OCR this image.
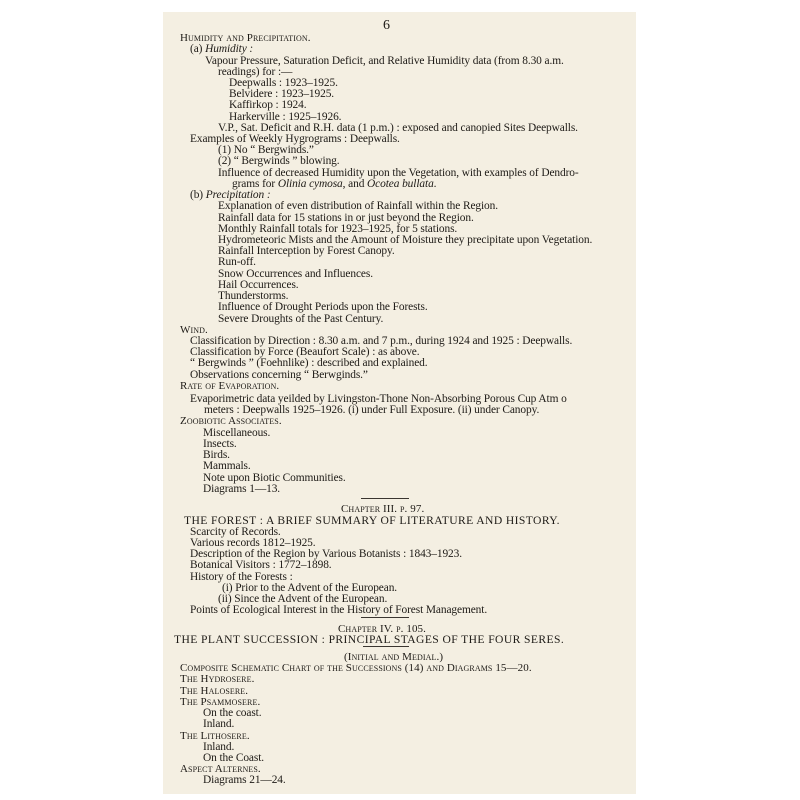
6
Humidity and Precipitation.
(a) Humidity :
Vapour Pressure, Saturation Deficit, and Relative Humidity data (from 8.30 a.m.
readings) for :—
Deepwalls : 1923–1925.
Belvidere : 1923–1925.
Kaffirkop : 1924.
Harkerville : 1925–1926.
V.P., Sat. Deficit and R.H. data (1 p.m.) : exposed and canopied Sites Deepwalls.
Examples of Weekly Hygrograms : Deepwalls.
(1) No “ Bergwinds.”
(2) “ Bergwinds ” blowing.
Influence of decreased Humidity upon the Vegetation, with examples of Dendro-
grams for Olinia cymosa, and Ocotea bullata.
(b) Precipitation :
Explanation of even distribution of Rainfall within the Region.
Rainfall data for 15 stations in or just beyond the Region.
Monthly Rainfall totals for 1923–1925, for 5 stations.
Hydrometeoric Mists and the Amount of Moisture they precipitate upon Vegetation.
Rainfall Interception by Forest Canopy.
Run-off.
Snow Occurrences and Influences.
Hail Occurrences.
Thunderstorms.
Influence of Drought Periods upon the Forests.
Severe Droughts of the Past Century.
Wind.
Classification by Direction : 8.30 a.m. and 7 p.m., during 1924 and 1925 : Deepwalls.
Classification by Force (Beaufort Scale) : as above.
“ Bergwinds ” (Foehnlike) : described and explained.
Observations concerning “ Berwginds.”
Rate of Evaporation.
Evaporimetric data yeilded by Livingston-Thone Non-Absorbing Porous Cup Atm o
meters : Deepwalls 1925–1926. (i) under Full Exposure. (ii) under Canopy.
Zoobiotic Associates.
Miscellaneous.
Insects.
Birds.
Mammals.
Note upon Biotic Communities.
Diagrams 1—13.
Chapter III. p. 97.
THE FOREST : A BRIEF SUMMARY OF LITERATURE AND HISTORY.
Scarcity of Records.
Various records 1812–1925.
Description of the Region by Various Botanists : 1843–1923.
Botanical Visitors : 1772–1898.
History of the Forests :
(i) Prior to the Advent of the European.
(ii) Since the Advent of the European.
Points of Ecological Interest in the History of Forest Management.
Chapter IV. p. 105.
THE PLANT SUCCESSION : PRINCIPAL STAGES OF THE FOUR SERES.
(Initial and Medial.)
Composite Schematic Chart of the Successions (14) and Diagrams 15—20.
The Hydrosere.
The Halosere.
The Psammosere.
On the coast.
Inland.
The Lithosere.
Inland.
On the Coast.
Aspect Alternes.
Diagrams 21—24.
